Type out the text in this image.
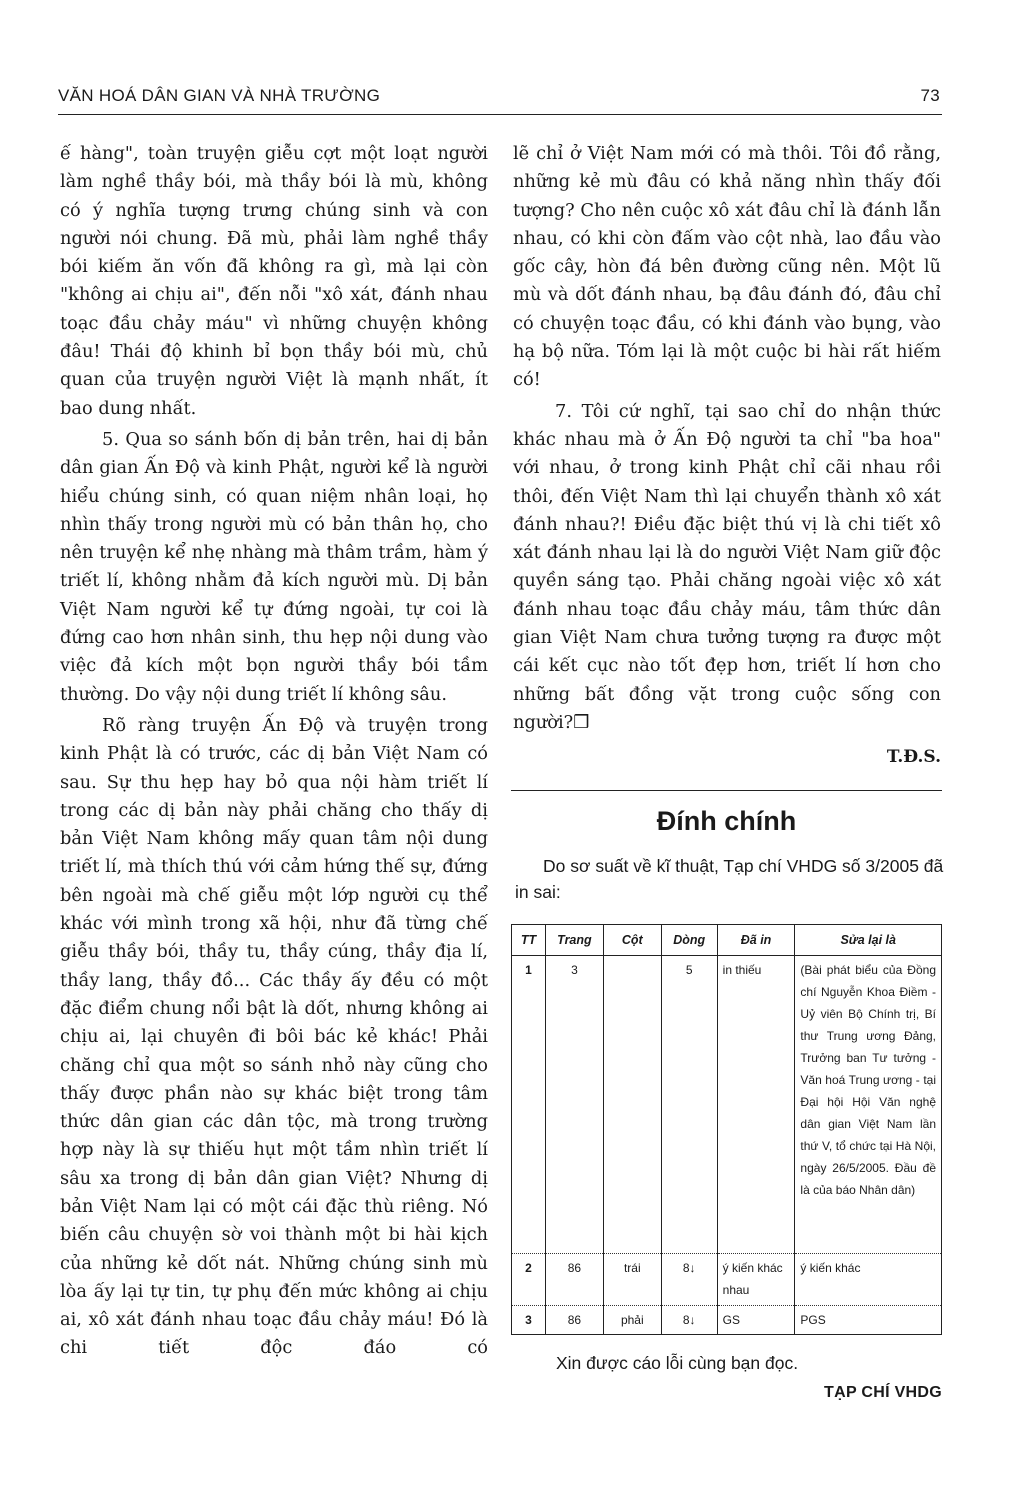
VĂN HOÁ DÂN GIAN VÀ NHÀ TRƯỜNG	73

ế hàng", toàn truyện giễu cợt một loạt người làm nghề thầy bói, mà thầy bói là mù, không có ý nghĩa tượng trưng chúng sinh và con người nói chung. Đã mù, phải làm nghề thầy bói kiếm ăn vốn đã không ra gì, mà lại còn "không ai chịu ai", đến nỗi "xô xát, đánh nhau toạc đầu chảy máu" vì những chuyện không đâu! Thái độ khinh bỉ bọn thầy bói mù, chủ quan của truyện người Việt là mạnh nhất, ít bao dung nhất.

5. Qua so sánh bốn dị bản trên, hai dị bản dân gian Ấn Độ và kinh Phật, người kể là người hiểu chúng sinh, có quan niệm nhân loại, họ nhìn thấy trong người mù có bản thân họ, cho nên truyện kể nhẹ nhàng mà thâm trầm, hàm ý triết lí, không nhằm đả kích người mù. Dị bản Việt Nam người kể tự đứng ngoài, tự coi là đứng cao hơn nhân sinh, thu hẹp nội dung vào việc đả kích một bọn người thầy bói tầm thường. Do vậy nội dung triết lí không sâu.

Rõ ràng truyện Ấn Độ và truyện trong kinh Phật là có trước, các dị bản Việt Nam có sau. Sự thu hẹp hay bỏ qua nội hàm triết lí trong các dị bản này phải chăng cho thấy dị bản Việt Nam không mấy quan tâm nội dung triết lí, mà thích thú với cảm hứng thế sự, đứng bên ngoài mà chế giễu một lớp người cụ thể khác với mình trong xã hội, như đã từng chế giễu thầy bói, thầy tu, thầy cúng, thầy địa lí, thầy lang, thầy đồ... Các thầy ấy đều có một đặc điểm chung nổi bật là dốt, nhưng không ai chịu ai, lại chuyên đi bôi bác kẻ khác! Phải chăng chỉ qua một so sánh nhỏ này cũng cho thấy được phần nào sự khác biệt trong tâm thức dân gian các dân tộc, mà trong trường hợp này là sự thiếu hụt một tầm nhìn triết lí sâu xa trong dị bản dân gian Việt? Nhưng dị bản Việt Nam lại có một cái đặc thù riêng. Nó biến câu chuyện sờ voi thành một bi hài kịch của những kẻ dốt nát. Những chúng sinh mù lòa ấy lại tự tin, tự phụ đến mức không ai chịu ai, xô xát đánh nhau toạc đầu chảy máu! Đó là chi tiết độc đáo có

lẽ chỉ ở Việt Nam mới có mà thôi. Tôi đồ rằng, những kẻ mù đâu có khả năng nhìn thấy đối tượng? Cho nên cuộc xô xát đâu chỉ là đánh lẫn nhau, có khi còn đấm vào cột nhà, lao đầu vào gốc cây, hòn đá bên đường cũng nên. Một lũ mù và dốt đánh nhau, bạ đâu đánh đó, đâu chỉ có chuyện toạc đầu, có khi đánh vào bụng, vào hạ bộ nữa. Tóm lại là một cuộc bi hài rất hiếm có!

7. Tôi cứ nghĩ, tại sao chỉ do nhận thức khác nhau mà ở Ấn Độ người ta chỉ "ba hoa" với nhau, ở trong kinh Phật chỉ cãi nhau rồi thôi, đến Việt Nam thì lại chuyển thành xô xát đánh nhau?! Điều đặc biệt thú vị là chi tiết xô xát đánh nhau lại là do người Việt Nam giữ độc quyền sáng tạo. Phải chăng ngoài việc xô xát đánh nhau toạc đầu chảy máu, tâm thức dân gian Việt Nam chưa tưởng tượng ra được một cái kết cục nào tốt đẹp hơn, triết lí hơn cho những bất đồng vặt trong cuộc sống con người?❒

T.Đ.S.
Đính chính
Do sơ suất về kĩ thuật, Tạp chí VHDG số 3/2005 đã in sai:
TT	Trang	Cột	Dòng	Đã in	Sửa lại là
1	3		5	in thiếu	(Bài phát biểu của Đồng chí Nguyễn Khoa Điềm - Uỷ viên Bộ Chính trị, Bí thư Trung ương Đảng, Trưởng ban Tư tưởng - Văn hoá Trung ương - tại Đại hội Hội Văn nghệ dân gian Việt Nam lần thứ V, tổ chức tại Hà Nội, ngày 26/5/2005. Đầu đề là của báo Nhân dân)
2	86	trái	8↓	ý kiến khác nhau	ý kiến khác
3	86	phải	8↓	GS	PGS
Xin được cáo lỗi cùng bạn đọc.
TẠP CHÍ VHDG
